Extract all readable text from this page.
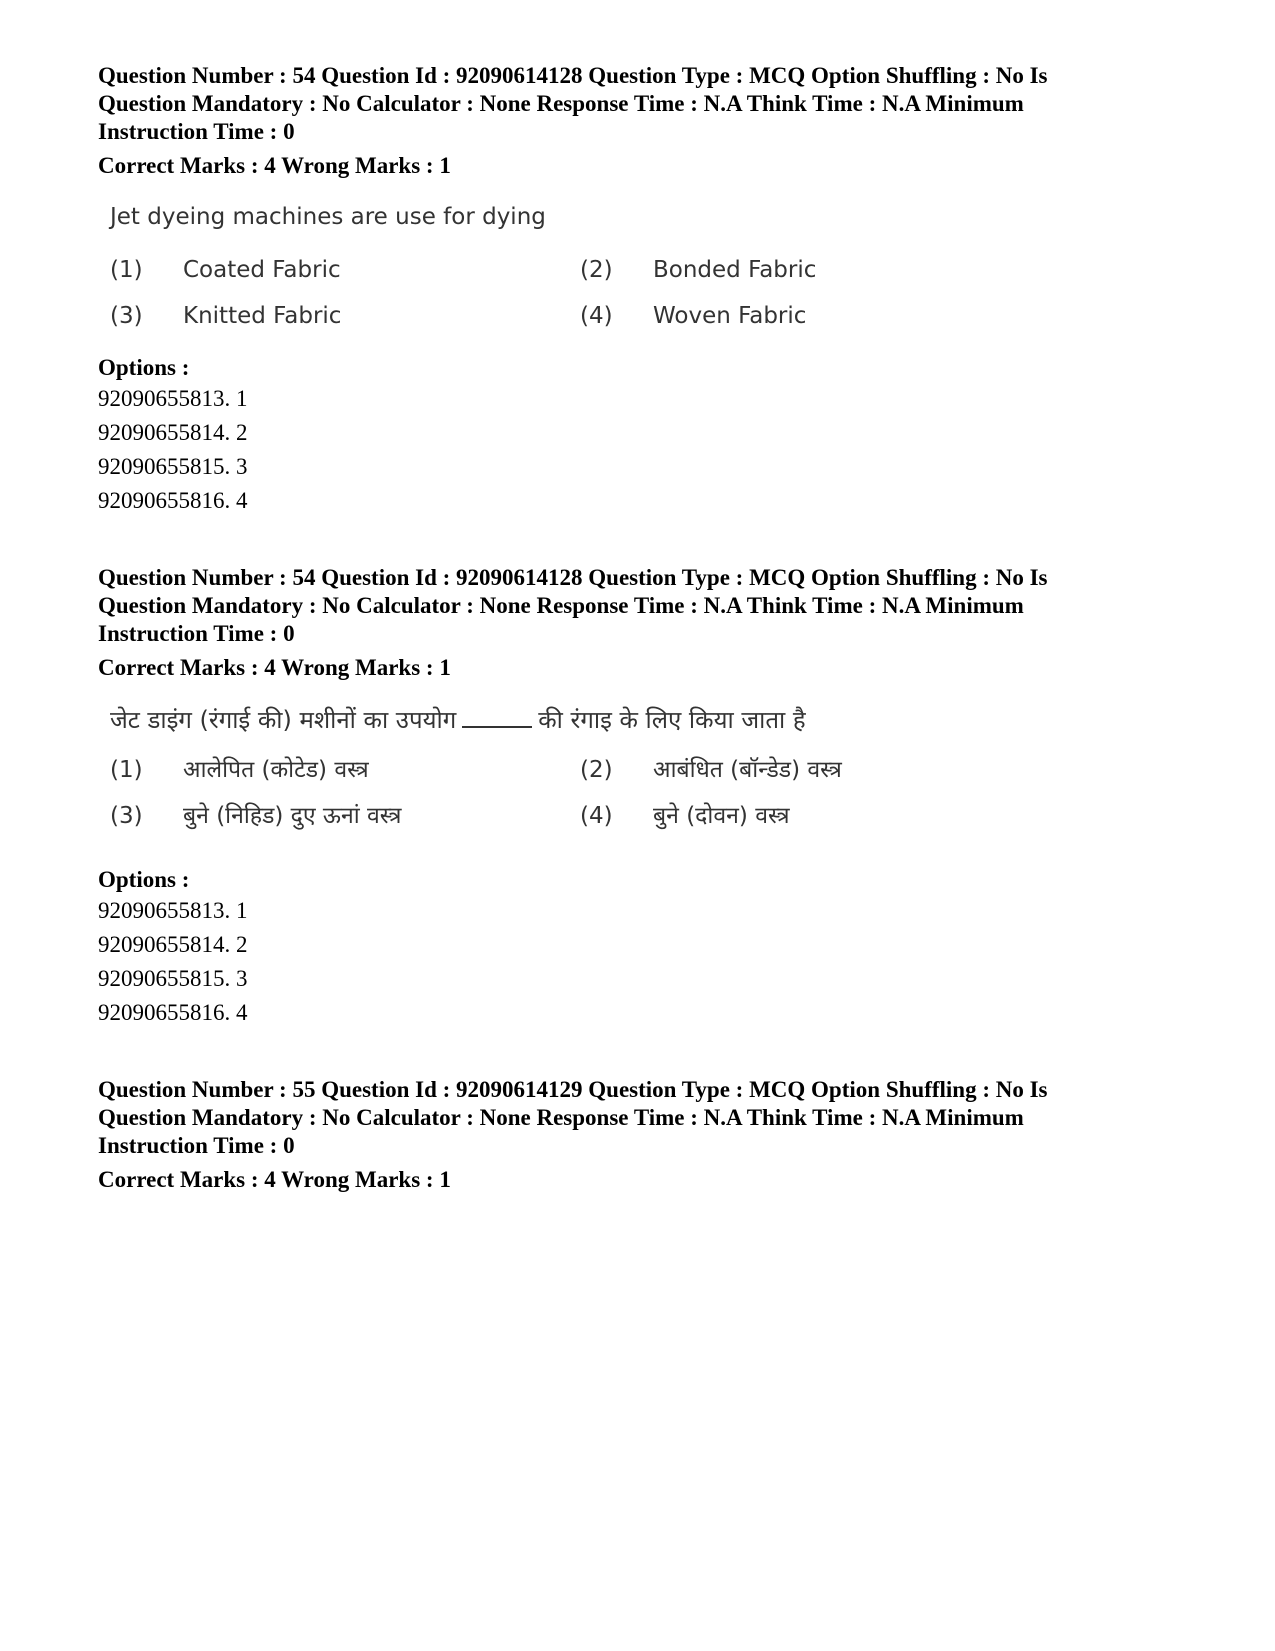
Question Number : 54 Question Id : 92090614128 Question Type : MCQ Option Shuffling : No Is Question Mandatory : No Calculator : None Response Time : N.A Think Time : N.A Minimum Instruction Time : 0
Correct Marks : 4 Wrong Marks : 1
Jet dyeing machines are use for dying
(1)	Coated Fabric	(2)	Bonded Fabric
(3)	Knitted Fabric	(4)	Woven Fabric
Options :
92090655813. 1
92090655814. 2
92090655815. 3
92090655816. 4
Question Number : 54 Question Id : 92090614128 Question Type : MCQ Option Shuffling : No Is Question Mandatory : No Calculator : None Response Time : N.A Think Time : N.A Minimum Instruction Time : 0
Correct Marks : 4 Wrong Marks : 1
जेट डाइंग (रंगाई की) मशीनों का उपयोग	की रंगाइ के लिए किया जाता है
(1)	आलेपित (कोटेड) वस्त्र	(2)	आबंधित (बॉन्डेड) वस्त्र
(3)	बुने (निहिड) दुए ऊनां वस्त्र	(4)	बुने (दोवन) वस्त्र
Options :
92090655813. 1
92090655814. 2
92090655815. 3
92090655816. 4
Question Number : 55 Question Id : 92090614129 Question Type : MCQ Option Shuffling : No Is Question Mandatory : No Calculator : None Response Time : N.A Think Time : N.A Minimum Instruction Time : 0
Correct Marks : 4 Wrong Marks : 1
